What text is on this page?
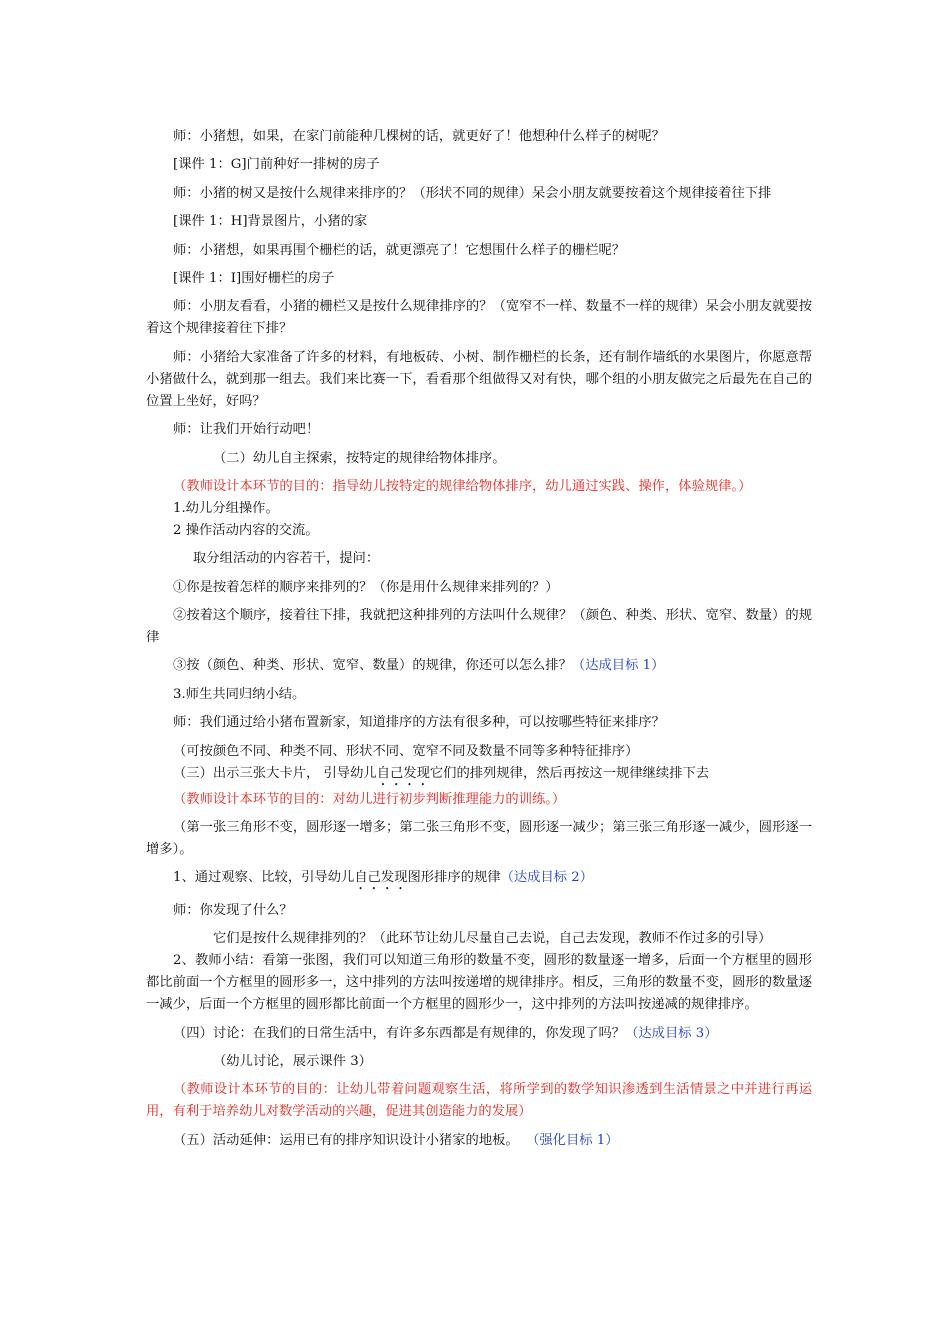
师：小猪想，如果，在家门前能种几棵树的话，就更好了！他想种什么样子的树呢？

[课件 1：G]门前种好一排树的房子

师：小猪的树又是按什么规律来排序的？（形状不同的规律）呆会小朋友就要按着这个规律接着往下排

[课件 1：H]背景图片，小猪的家

师：小猪想，如果再围个栅栏的话，就更漂亮了！它想围什么样子的栅栏呢？

[课件 1：I]围好栅栏的房子

师：小朋友看看，小猪的栅栏又是按什么规律排序的？（宽窄不一样、数量不一样的规律）呆会小朋友就要按着这个规律接着往下排？

师：小猪给大家准备了许多的材料，有地板砖、小树、制作栅栏的长条，还有制作墙纸的水果图片，你愿意帮小猪做什么，就到那一组去。我们来比赛一下，看看那个组做得又对有快，哪个组的小朋友做完之后最先在自己的位置上坐好，好吗？

师：让我们开始行动吧！

（二）幼儿自主探索，按特定的规律给物体排序。

（教师设计本环节的目的：指导幼儿按特定的规律给物体排序，幼儿通过实践、操作，体验规律。）

1.幼儿分组操作。

2 操作活动内容的交流。

取分组活动的内容若干，提问：

①你是按着怎样的顺序来排列的？（你是用什么规律来排列的？）

②按着这个顺序，接着往下排，我就把这种排列的方法叫什么规律？（颜色、种类、形状、宽窄、数量）的规律

③按（颜色、种类、形状、宽窄、数量）的规律，你还可以怎么排？（达成目标 1）

3.师生共同归纳小结。

师：我们通过给小猪布置新家，知道排序的方法有很多种，可以按哪些特征来排序？

（可按颜色不同、种类不同、形状不同、宽窄不同及数量不同等多种特征排序）

（三）出示三张大卡片， 引导幼儿自己发现它们的排列规律，然后再按这一规律继续排下去

（教师设计本环节的目的：对幼儿进行初步判断推理能力的训练。）

（第一张三角形不变，圆形逐一增多；第二张三角形不变，圆形逐一减少；第三张三角形逐一减少，圆形逐一增多）。

1、通过观察、比较，引导幼儿自己发现图形排序的规律（达成目标 2）

师：你发现了什么？

它们是按什么规律排列的？（此环节让幼儿尽量自己去说，自己去发现，教师不作过多的引导）

2、教师小结：看第一张图，我们可以知道三角形的数量不变，圆形的数量逐一增多，后面一个方框里的圆形都比前面一个方框里的圆形多一，这中排列的方法叫按递增的规律排序。相反，三角形的数量不变，圆形的数量逐一减少，后面一个方框里的圆形都比前面一个方框里的圆形少一，这中排列的方法叫按递减的规律排序。

（四）讨论：在我们的日常生活中，有许多东西都是有规律的，你发现了吗？（达成目标 3）

（幼儿讨论，展示课件 3）

（教师设计本环节的目的：让幼儿带着问题观察生活，将所学到的数学知识渗透到生活情景之中并进行再运用，有利于培养幼儿对数学活动的兴趣，促进其创造能力的发展）

（五）活动延伸：运用已有的排序知识设计小猪家的地板。 （强化目标 1）
